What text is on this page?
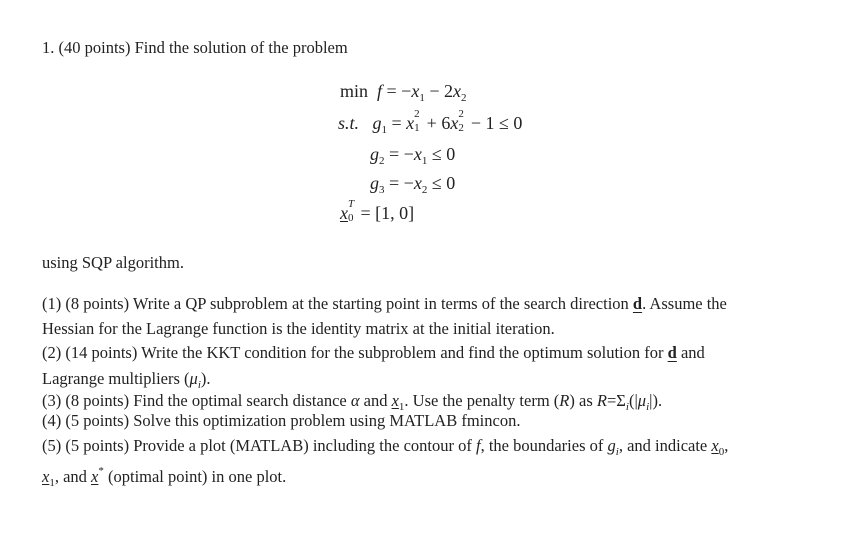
1. (40 points) Find the solution of the problem
$\min f = -x_1 - 2x_2$
s.t. $g_1 = x$ 2
1 + 6x 2
2 − 1 ≤ 0
$g_2 = -x_1 \le 0$
$g_3 = -x_2 \le 0$
x T
0 = [1, 0]
using SQP algorithm.
(1) (8 points) Write a QP subproblem at the starting point in terms of the search direction d. Assume the
Hessian for the Lagrange function is the identity matrix at the initial iteration.
(2) (14 points) Write the KKT condition for the subproblem and find the optimum solution for d and
Lagrange multipliers $(\mu_i)$.
(3) (8 points) Find the optimal search distance α and $x_1$. Use the penalty term (R) as $R=\Sigma_i(|\mu_i|)$.
(4) (5 points) Solve this optimization problem using MATLAB fmincon.
(5) (5 points) Provide a plot (MATLAB) including the contour of f, the boundaries of $g_i$, and indicate $x_0$,
$x_1$, and x* (optimal point) in one plot.
